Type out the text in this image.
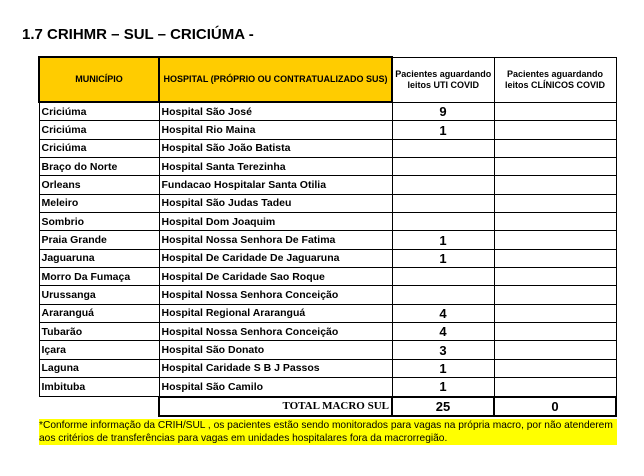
1.7 CRIHMR – SUL – CRICIÚMA -
MUNICÍPIO	HOSPITAL (PRÓPRIO OU CONTRATUALIZADO SUS)	Pacientes aguardando leitos UTI COVID	Pacientes aguardando leitos CLÍNICOS COVID
Criciúma	Hospital São José	9	
Criciúma	Hospital Rio Maina	1	
Criciúma	Hospital São João Batista		
Braço do Norte	Hospital Santa Terezinha		
Orleans	Fundacao Hospitalar Santa Otilia		
Meleiro	Hospital São Judas Tadeu		
Sombrio	Hospital Dom Joaquim		
Praia Grande	Hospital Nossa Senhora De Fatima	1	
Jaguaruna	Hospital De Caridade De Jaguaruna	1	
Morro Da Fumaça	Hospital De Caridade Sao Roque		
Urussanga	Hospital Nossa Senhora Conceição		
Araranguá	Hospital Regional Araranguá	4	
Tubarão	Hospital Nossa Senhora Conceição	4	
Içara	Hospital São Donato	3	
Laguna	Hospital Caridade S B J Passos	1	
Imbituba	Hospital São Camilo	1	
	TOTAL MACRO SUL	25	0
*Conforme informação da CRIH/SUL , os pacientes estão sendo monitorados para vagas na própria macro, por não atenderem aos critérios de transferências para vagas em unidades hospitalares fora da macrorregião.
